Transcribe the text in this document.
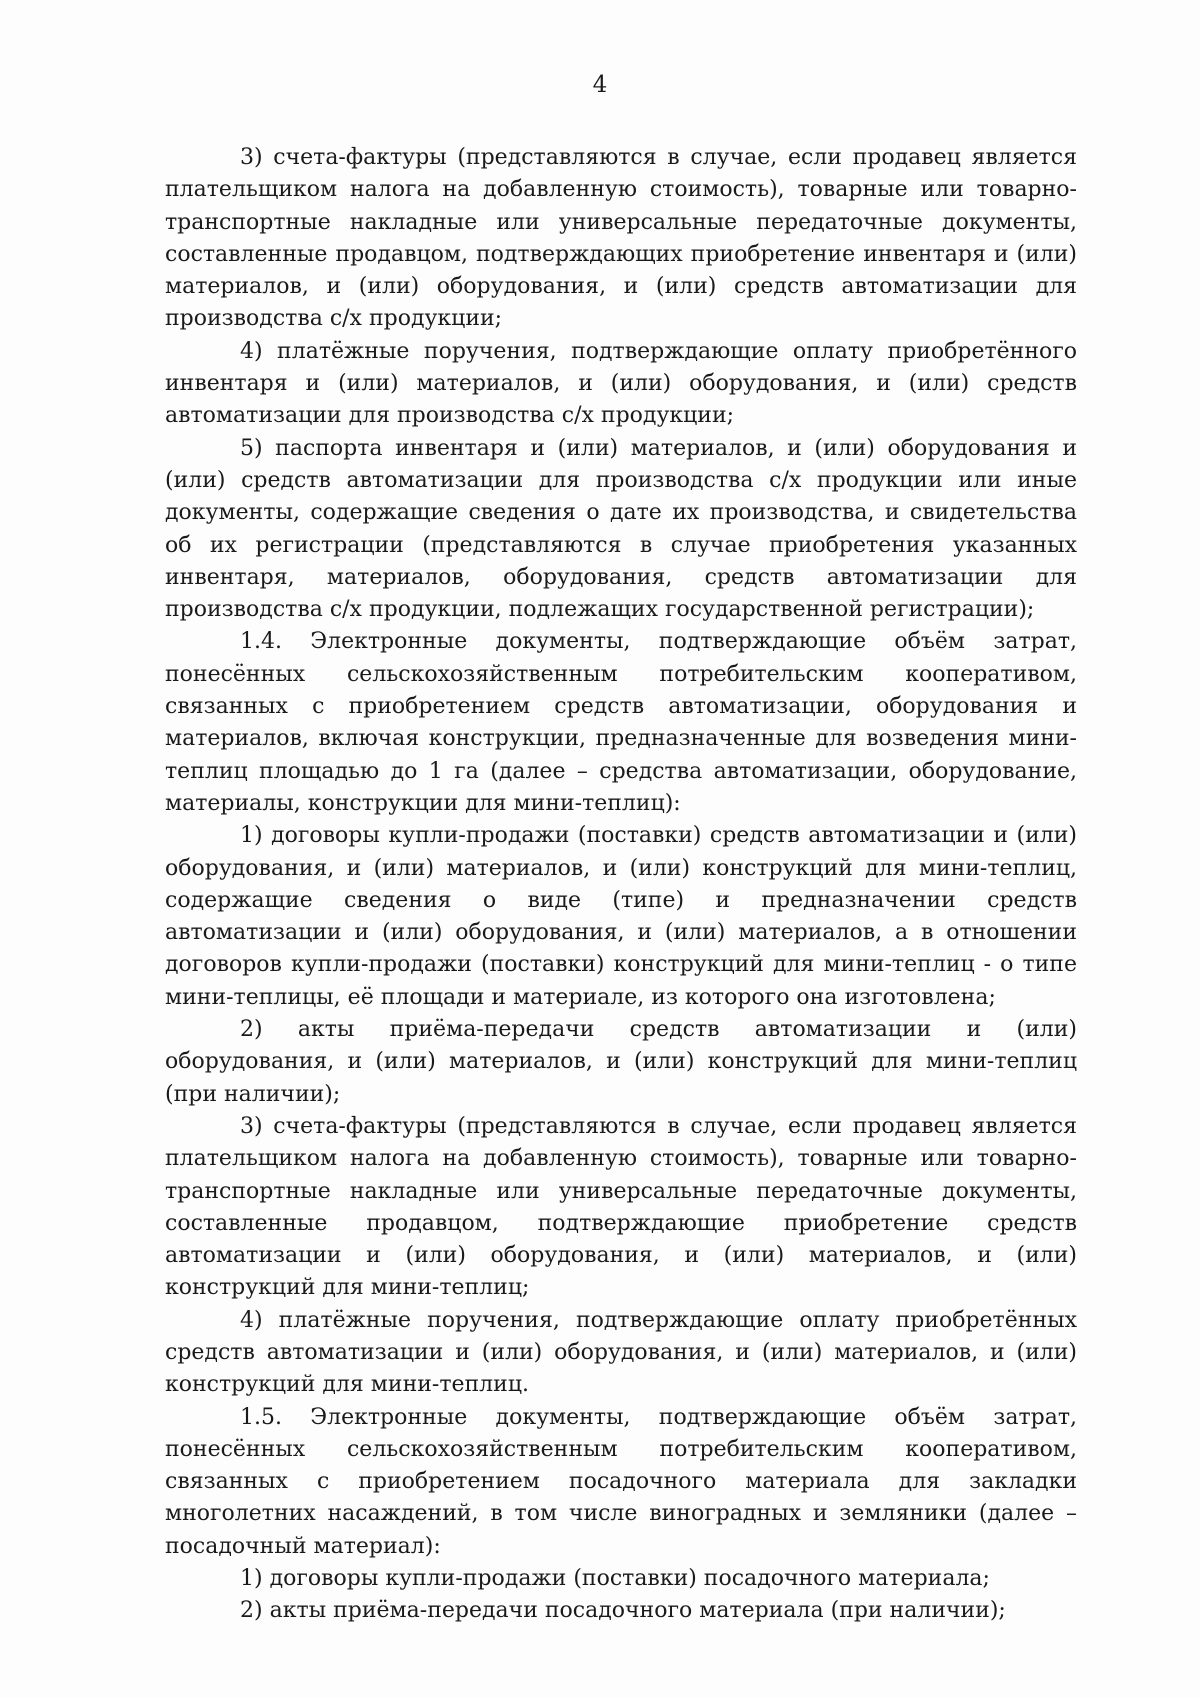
4

3) счета-фактуры (представляются в случае, если продавец является плательщиком налога на добавленную стоимость), товарные или товарно-транспортные накладные или универсальные передаточные документы, составленные продавцом, подтверждающих приобретение инвентаря и (или) материалов, и (или) оборудования, и (или) средств автоматизации для производства с/х продукции;

4) платёжные поручения, подтверждающие оплату приобретённого инвентаря и (или) материалов, и (или) оборудования, и (или) средств автоматизации для производства с/х продукции;

5) паспорта инвентаря и (или) материалов, и (или) оборудования и (или) средств автоматизации для производства с/х продукции или иные документы, содержащие сведения о дате их производства, и свидетельства об их регистрации (представляются в случае приобретения указанных инвентаря, материалов, оборудования, средств автоматизации для производства с/х продукции, подлежащих государственной регистрации);

1.4. Электронные документы, подтверждающие объём затрат, понесённых сельскохозяйственным потребительским кооперативом, связанных с приобретением средств автоматизации, оборудования и материалов, включая конструкции, предназначенные для возведения мини-теплиц площадью до 1 га (далее – средства автоматизации, оборудование, материалы, конструкции для мини-теплиц):

1) договоры купли-продажи (поставки) средств автоматизации и (или) оборудования, и (или) материалов, и (или) конструкций для мини-теплиц, содержащие сведения о виде (типе) и предназначении средств автоматизации и (или) оборудования, и (или) материалов, а в отношении договоров купли-продажи (поставки) конструкций для мини-теплиц - о типе мини-теплицы, её площади и материале, из которого она изготовлена;

2) акты приёма-передачи средств автоматизации и (или) оборудования, и (или) материалов, и (или) конструкций для мини-теплиц (при наличии);

3) счета-фактуры (представляются в случае, если продавец является плательщиком налога на добавленную стоимость), товарные или товарно-транспортные накладные или универсальные передаточные документы, составленные продавцом, подтверждающие приобретение средств автоматизации и (или) оборудования, и (или) материалов, и (или) конструкций для мини-теплиц;

4) платёжные поручения, подтверждающие оплату приобретённых средств автоматизации и (или) оборудования, и (или) материалов, и (или) конструкций для мини-теплиц.

1.5. Электронные документы, подтверждающие объём затрат, понесённых сельскохозяйственным потребительским кооперативом, связанных с приобретением посадочного материала для закладки многолетних насаждений, в том числе виноградных и земляники (далее – посадочный материал):

1) договоры купли-продажи (поставки) посадочного материала;

2) акты приёма-передачи посадочного материала (при наличии);
